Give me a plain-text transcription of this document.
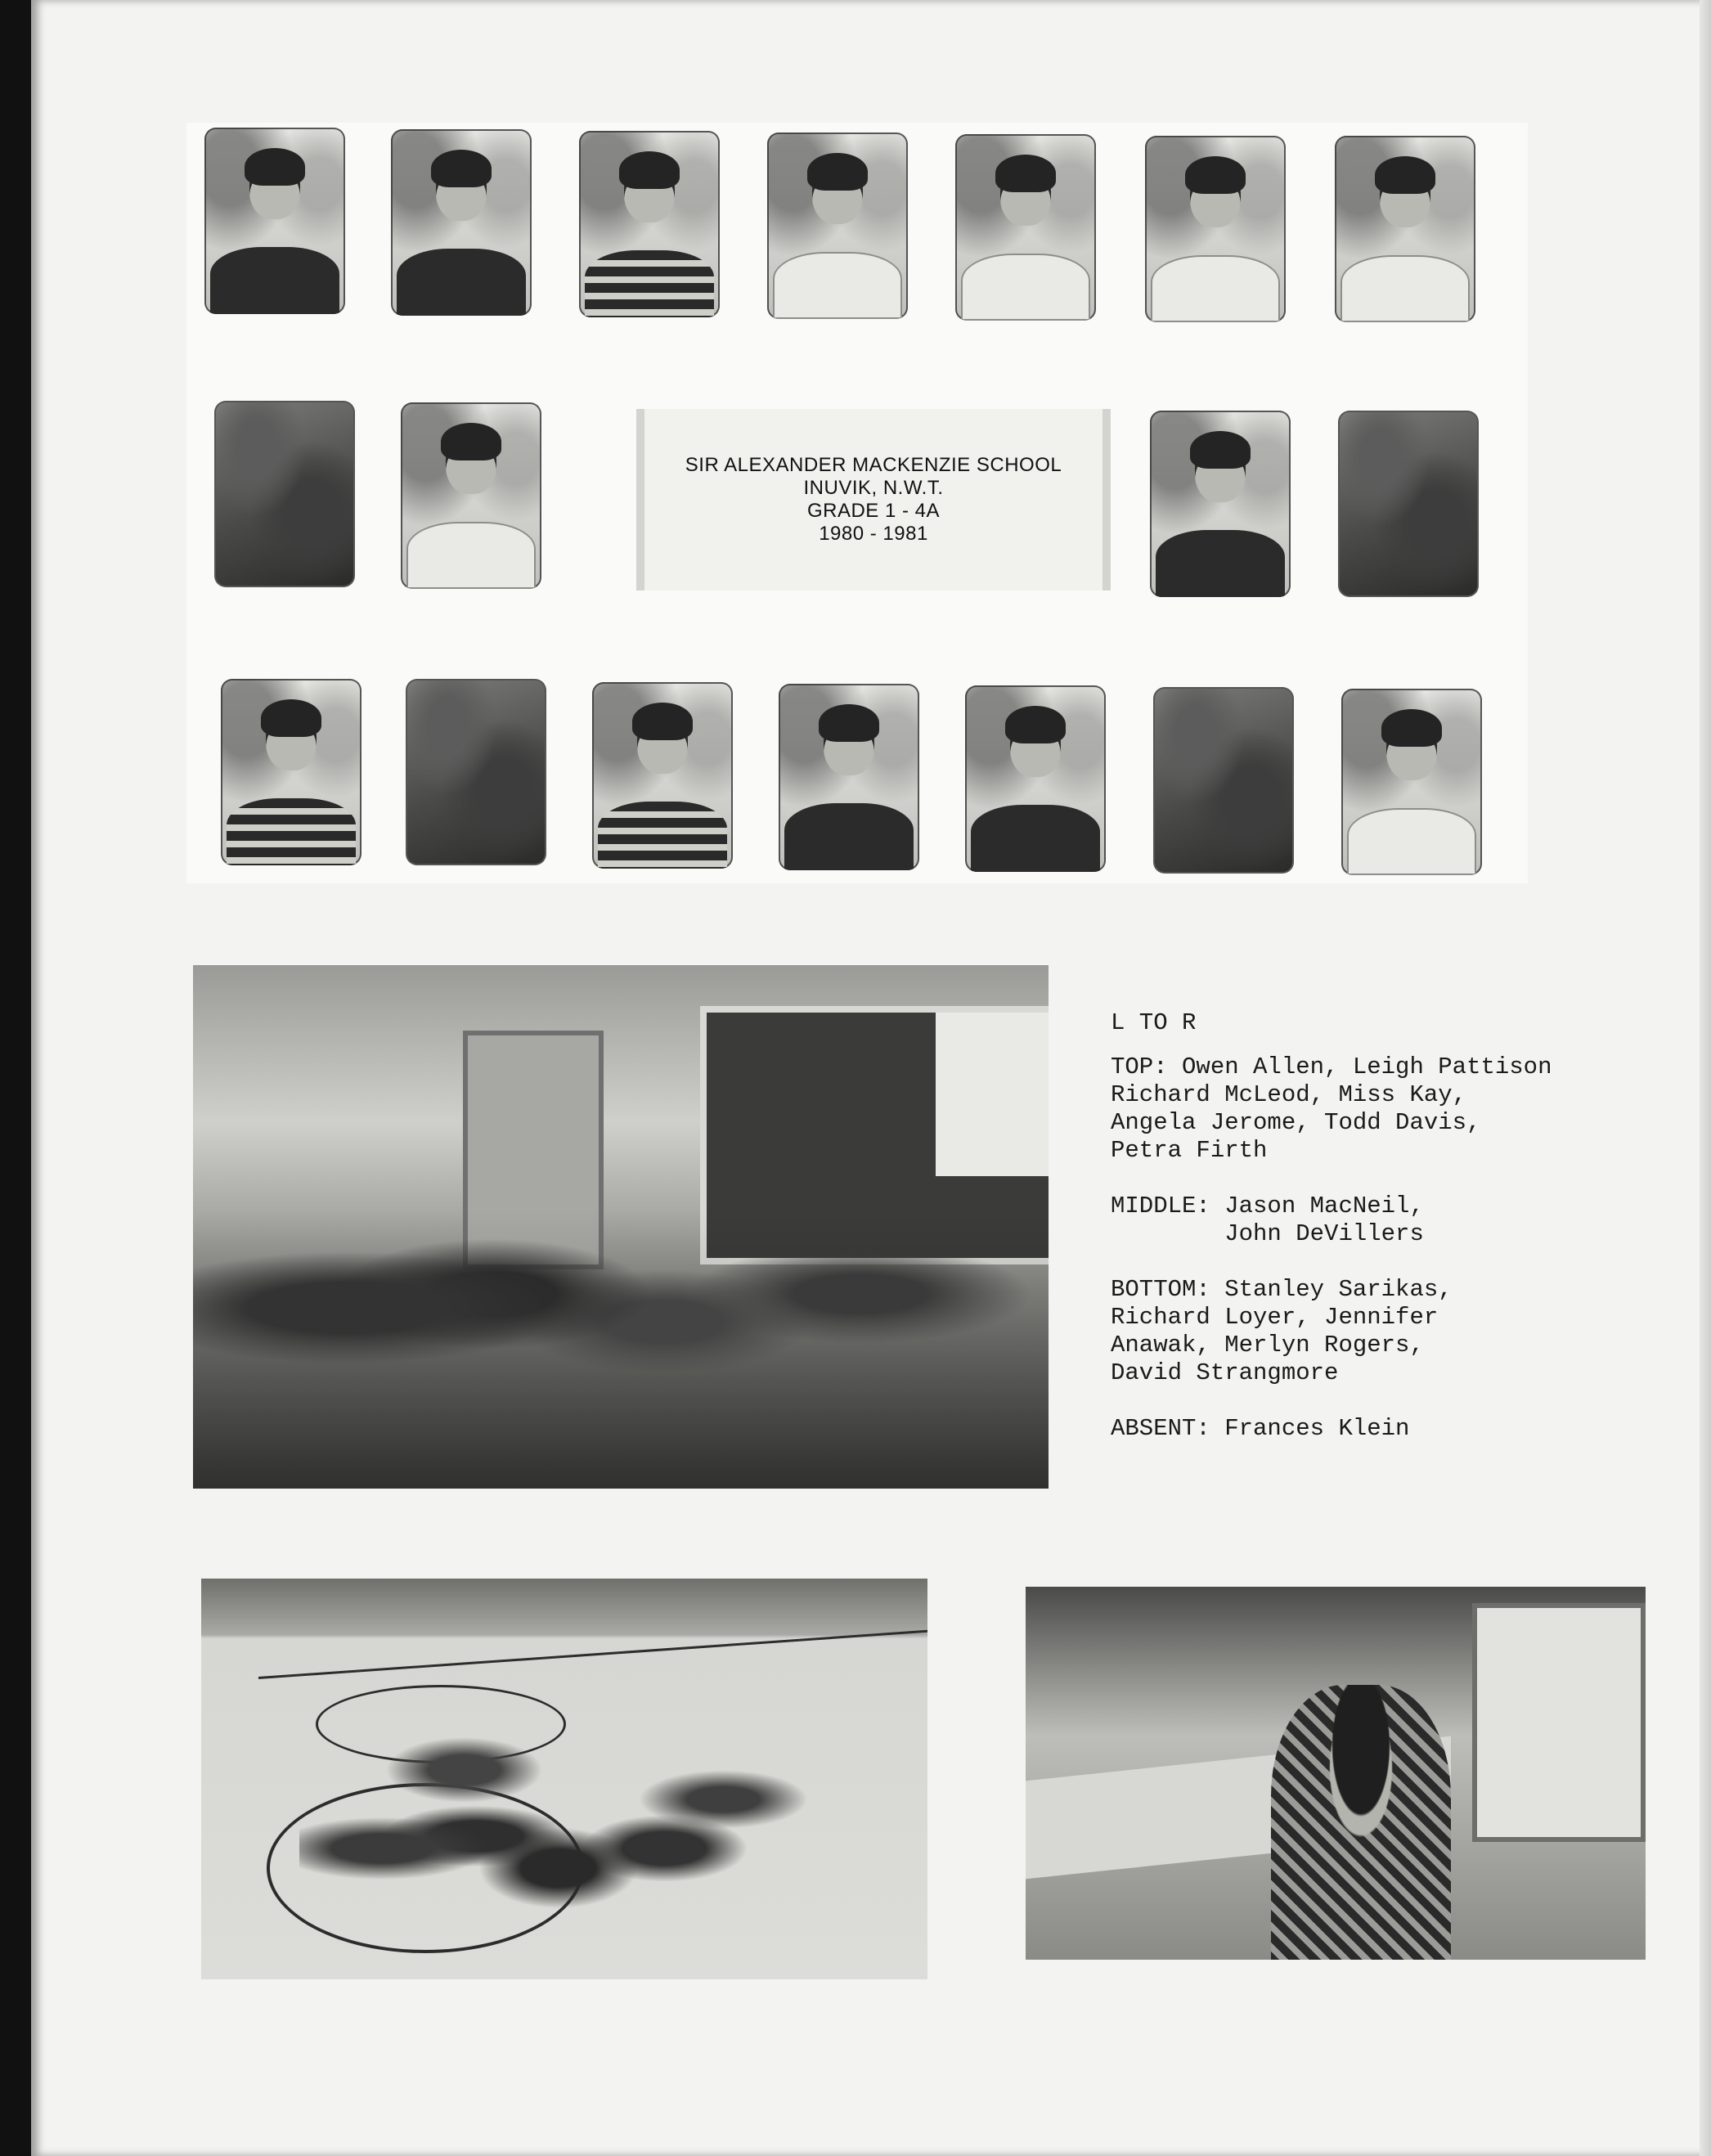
SIR ALEXANDER MACKENZIE SCHOOL
INUVIK, N.W.T.
GRADE 1 - 4A
1980 - 1981

L TO R

TOP: Owen Allen, Leigh Pattison
Richard McLeod, Miss Kay,
Angela Jerome, Todd Davis,
Petra Firth

MIDDLE: Jason MacNeil,
John DeVillers

BOTTOM: Stanley Sarikas,
Richard Loyer, Jennifer
Anawak, Merlyn Rogers,
David Strangmore

ABSENT: Frances Klein
